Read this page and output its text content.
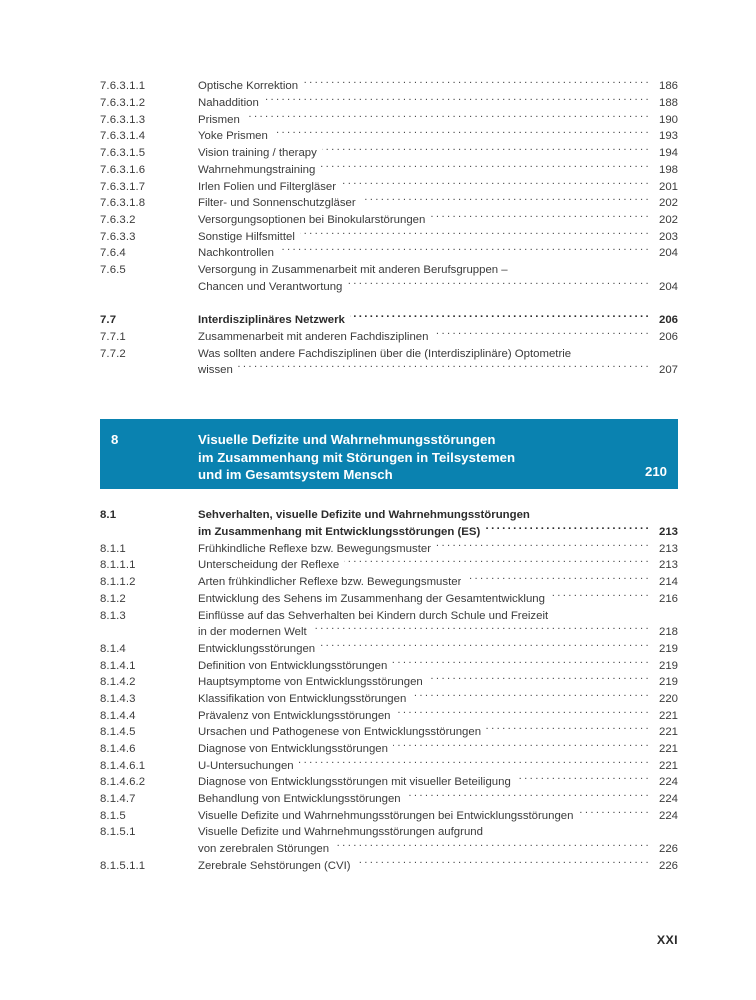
7.6.3.1.1	Optische Korrektion .....	186
7.6.3.1.2	Nahaddition .....	188
7.6.3.1.3	Prismen .....	190
7.6.3.1.4	Yoke Prismen .....	193
7.6.3.1.5	Vision training / therapy .....	194
7.6.3.1.6	Wahrnehmungstraining .....	198
7.6.3.1.7	Irlen Folien und Filtergläser .....	201
7.6.3.1.8	Filter- und Sonnenschutzgläser .....	202
7.6.3.2	Versorgungsoptionen bei Binokularstörungen .....	202
7.6.3.3	Sonstige Hilfsmittel .....	203
7.6.4	Nachkontrollen .....	204
7.6.5	Versorgung in Zusammenarbeit mit anderen Berufsgruppen –
Chancen und Verantwortung .....	204
7.7	Interdisziplinäres Netzwerk .....	206
7.7.1	Zusammenarbeit mit anderen Fachdisziplinen .....	206
7.7.2	Was sollten andere Fachdisziplinen über die (Interdisziplinäre) Optometrie
wissen .....	207
8	Visuelle Defizite und Wahrnehmungsstörungen
im Zusammenhang mit Störungen in Teilsystemen
und im Gesamtsystem Mensch	210
8.1	Sehverhalten, visuelle Defizite und Wahrnehmungsstörungen
im Zusammenhang mit Entwicklungsstörungen (ES) .....	213
8.1.1	Frühkindliche Reflexe bzw. Bewegungsmuster .....	213
8.1.1.1	Unterscheidung der Reflexe .....	213
8.1.1.2	Arten frühkindlicher Reflexe bzw. Bewegungsmuster .....	214
8.1.2	Entwicklung des Sehens im Zusammenhang der Gesamtentwicklung .....	216
8.1.3	Einflüsse auf das Sehverhalten bei Kindern durch Schule und Freizeit
in der modernen Welt .....	218
8.1.4	Entwicklungsstörungen .....	219
8.1.4.1	Definition von Entwicklungsstörungen .....	219
8.1.4.2	Hauptsymptome von Entwicklungsstörungen .....	219
8.1.4.3	Klassifikation von Entwicklungsstörungen .....	220
8.1.4.4	Prävalenz von Entwicklungsstörungen .....	221
8.1.4.5	Ursachen und Pathogenese von Entwicklungsstörungen .....	221
8.1.4.6	Diagnose von Entwicklungsstörungen .....	221
8.1.4.6.1	U-Untersuchungen .....	221
8.1.4.6.2	Diagnose von Entwicklungsstörungen mit visueller Beteiligung .....	224
8.1.4.7	Behandlung von Entwicklungsstörungen .....	224
8.1.5	Visuelle Defizite und Wahrnehmungsstörungen bei Entwicklungsstörungen .....	224
8.1.5.1	Visuelle Defizite und Wahrnehmungsstörungen aufgrund
von zerebralen Störungen .....	226
8.1.5.1.1	Zerebrale Sehstörungen (CVI) .....	226
XXI
